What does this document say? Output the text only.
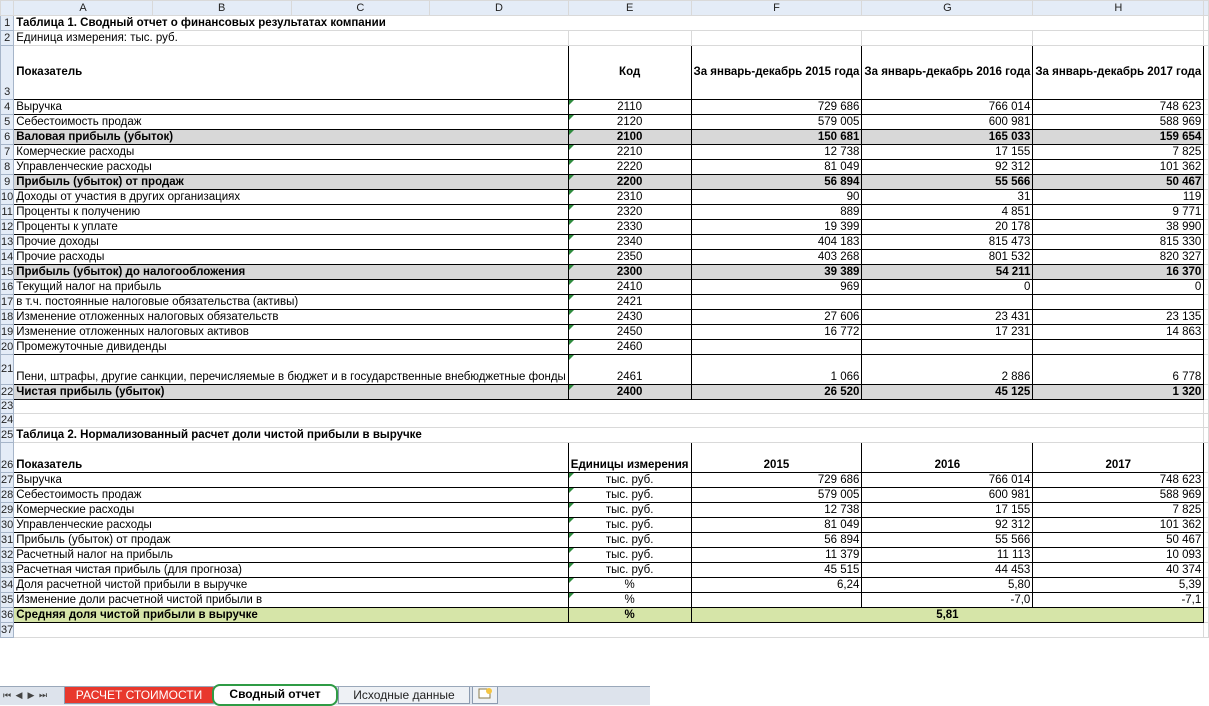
	A	B	C	D	E	F	G	H	
1	Таблица 1. Сводный отчет о финансовых результатах компании								
2	Единица измерения: тыс. руб.								
3	Показатель				Код	За январь-декабрь 2015 года	За январь-декабрь 2016 года	За январь-декабрь 2017 года	
4	Выручка				2110	729 686	766 014	748 623	
5	Себестоимость продаж				2120	579 005	600 981	588 969	
6	Валовая прибыль (убыток)				2100	150 681	165 033	159 654	
7	Комерческие расходы				2210	12 738	17 155	7 825	
8	Управленческие расходы				2220	81 049	92 312	101 362	
9	Прибыль (убыток) от продаж				2200	56 894	55 566	50 467	
10	Доходы от участия в других организациях				2310	90	31	119	
11	Проценты к получению				2320	889	4 851	9 771	
12	Проценты к уплате				2330	19 399	20 178	38 990	
13	Прочие доходы				2340	404 183	815 473	815 330	
14	Прочие расходы				2350	403 268	801 532	820 327	
15	Прибыль (убыток) до налогообложения				2300	39 389	54 211	16 370	
16	Текущий налог на прибыль				2410	969	0	0	
17	в т.ч. постоянные налоговые обязательства (активы)				2421				
18	Изменение отложенных налоговых обязательств				2430	27 606	23 431	23 135	
19	Изменение отложенных налоговых активов				2450	16 772	17 231	14 863	
20	Промежуточные дивиденды				2460				
21	Пени, штрафы, другие санкции, перечисляемые в бюджет и в государственные внебюджетные фонды				2461	1 066	2 886	6 778	
22	Чистая прибыль (убыток)				2400	26 520	45 125	1 320	
23									
24									
25	Таблица 2. Нормализованный расчет доли чистой прибыли в выручке								
26	Показатель				Единицы измерения	2015	2016	2017	
27	Выручка				тыс. руб.	729 686	766 014	748 623	
28	Себестоимость продаж				тыс. руб.	579 005	600 981	588 969	
29	Комерческие расходы				тыс. руб.	12 738	17 155	7 825	
30	Управленческие расходы				тыс. руб.	81 049	92 312	101 362	
31	Прибыль (убыток) от продаж				тыс. руб.	56 894	55 566	50 467	
32	Расчетный налог на прибыль				тыс. руб.	11 379	11 113	10 093	
33	Расчетная чистая прибыль (для прогноза)				тыс. руб.	45 515	44 453	40 374	
34	Доля расчетной чистой прибыли в выручке				%	6,24	5,80	5,39	
35	Изменение доли расчетной чистой прибыли в				%		-7,0	-7,1	
36	Средняя доля чистой прибыли в выручке				%	5,81			
37									
⏮ ◀ ▶ ⏭	РАСЧЕТ СТОИМОСТИ	Сводный отчет	Исходные данные
